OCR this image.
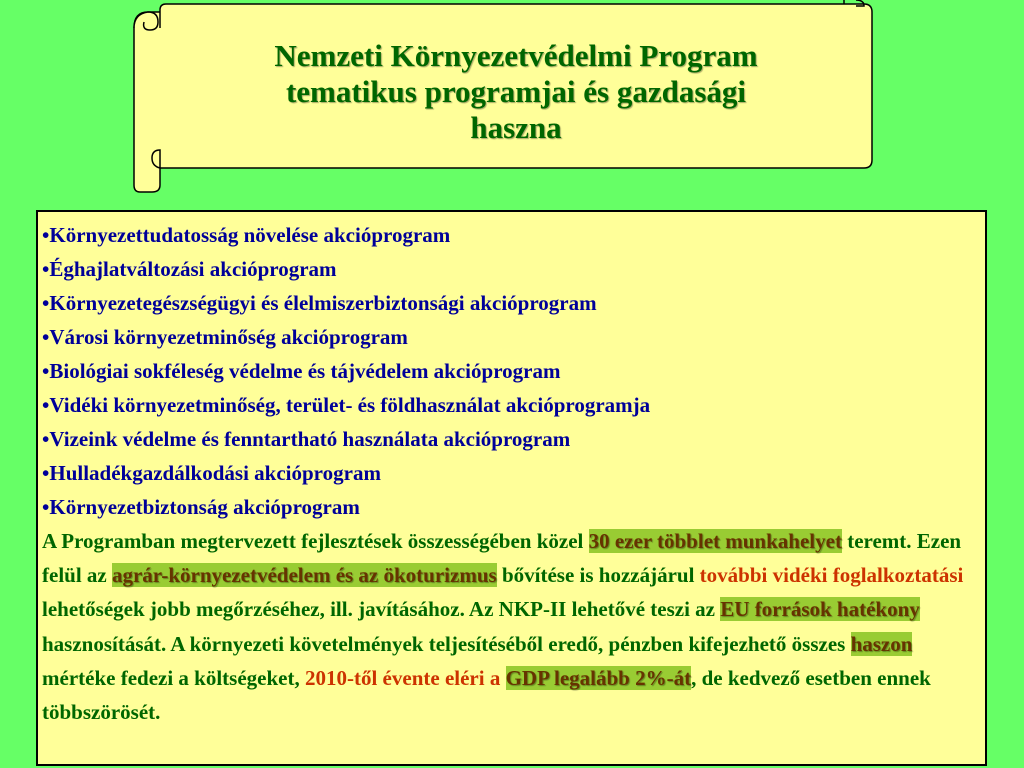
Nemzeti Környezetvédelmi Program
tematikus programjai és gazdasági
haszna
•Környezettudatosság növelése akcióprogram
•Éghajlatváltozási akcióprogram
•Környezetegészségügyi és élelmiszerbiztonsági akcióprogram
•Városi környezetminőség akcióprogram
•Biológiai sokféleség védelme és tájvédelem akcióprogram
•Vidéki környezetminőség, terület- és földhasználat akcióprogramja
•Vizeink védelme és fenntartható használata akcióprogram
•Hulladékgazdálkodási akcióprogram
•Környezetbiztonság akcióprogram

A Programban megtervezett fejlesztések összességében közel 30 ezer többlet munkahelyet teremt. Ezen felül az agrár-környezetvédelem és az ökoturizmus bővítése is hozzájárul további vidéki foglalkoztatási lehetőségek jobb megőrzéséhez, ill. javításához. Az NKP-II lehetővé teszi az EU források hatékony hasznosítását. A környezeti követelmények teljesítéséből eredő, pénzben kifejezhető összes haszon mértéke fedezi a költségeket, 2010-től évente eléri a GDP legalább 2%-át, de kedvező esetben ennek többszörösét.
